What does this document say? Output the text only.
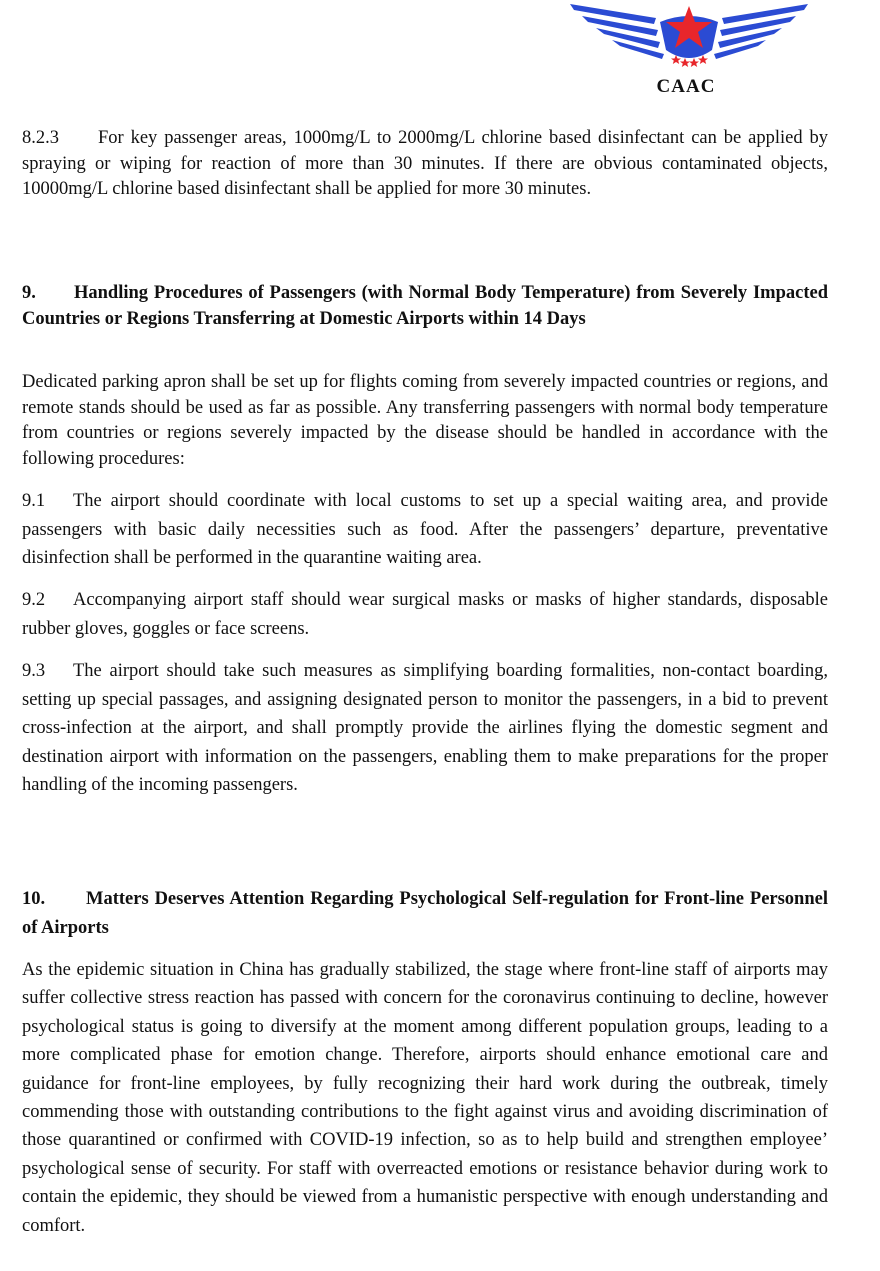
CAAC

8.2.3 For key passenger areas, 1000mg/L to 2000mg/L chlorine based disinfectant can be applied by spraying or wiping for reaction of more than 30 minutes. If there are obvious contaminated objects, 10000mg/L chlorine based disinfectant shall be applied for more 30 minutes.

9. Handling Procedures of Passengers (with Normal Body Temperature) from Severely Impacted Countries or Regions Transferring at Domestic Airports within 14 Days

Dedicated parking apron shall be set up for flights coming from severely impacted countries or regions, and remote stands should be used as far as possible. Any transferring passengers with normal body temperature from countries or regions severely impacted by the disease should be handled in accordance with the following procedures:

9.1 The airport should coordinate with local customs to set up a special waiting area, and provide passengers with basic daily necessities such as food. After the passengers’ departure, preventative disinfection shall be performed in the quarantine waiting area.

9.2 Accompanying airport staff should wear surgical masks or masks of higher standards, disposable rubber gloves, goggles or face screens.

9.3 The airport should take such measures as simplifying boarding formalities, non-contact boarding, setting up special passages, and assigning designated person to monitor the passengers, in a bid to prevent cross-infection at the airport, and shall promptly provide the airlines flying the domestic segment and destination airport with information on the passengers, enabling them to make preparations for the proper handling of the incoming passengers.

10. Matters Deserves Attention Regarding Psychological Self-regulation for Front-line Personnel of Airports

As the epidemic situation in China has gradually stabilized, the stage where front-line staff of airports may suffer collective stress reaction has passed with concern for the coronavirus continuing to decline, however psychological status is going to diversify at the moment among different population groups, leading to a more complicated phase for emotion change. Therefore, airports should enhance emotional care and guidance for front-line employees, by fully recognizing their hard work during the outbreak, timely commending those with outstanding contributions to the fight against virus and avoiding discrimination of those quarantined or confirmed with COVID-19 infection, so as to help build and strengthen employee’ psychological sense of security. For staff with overreacted emotions or resistance behavior during work to contain the epidemic, they should be viewed from a humanistic perspective with enough understanding and comfort.
